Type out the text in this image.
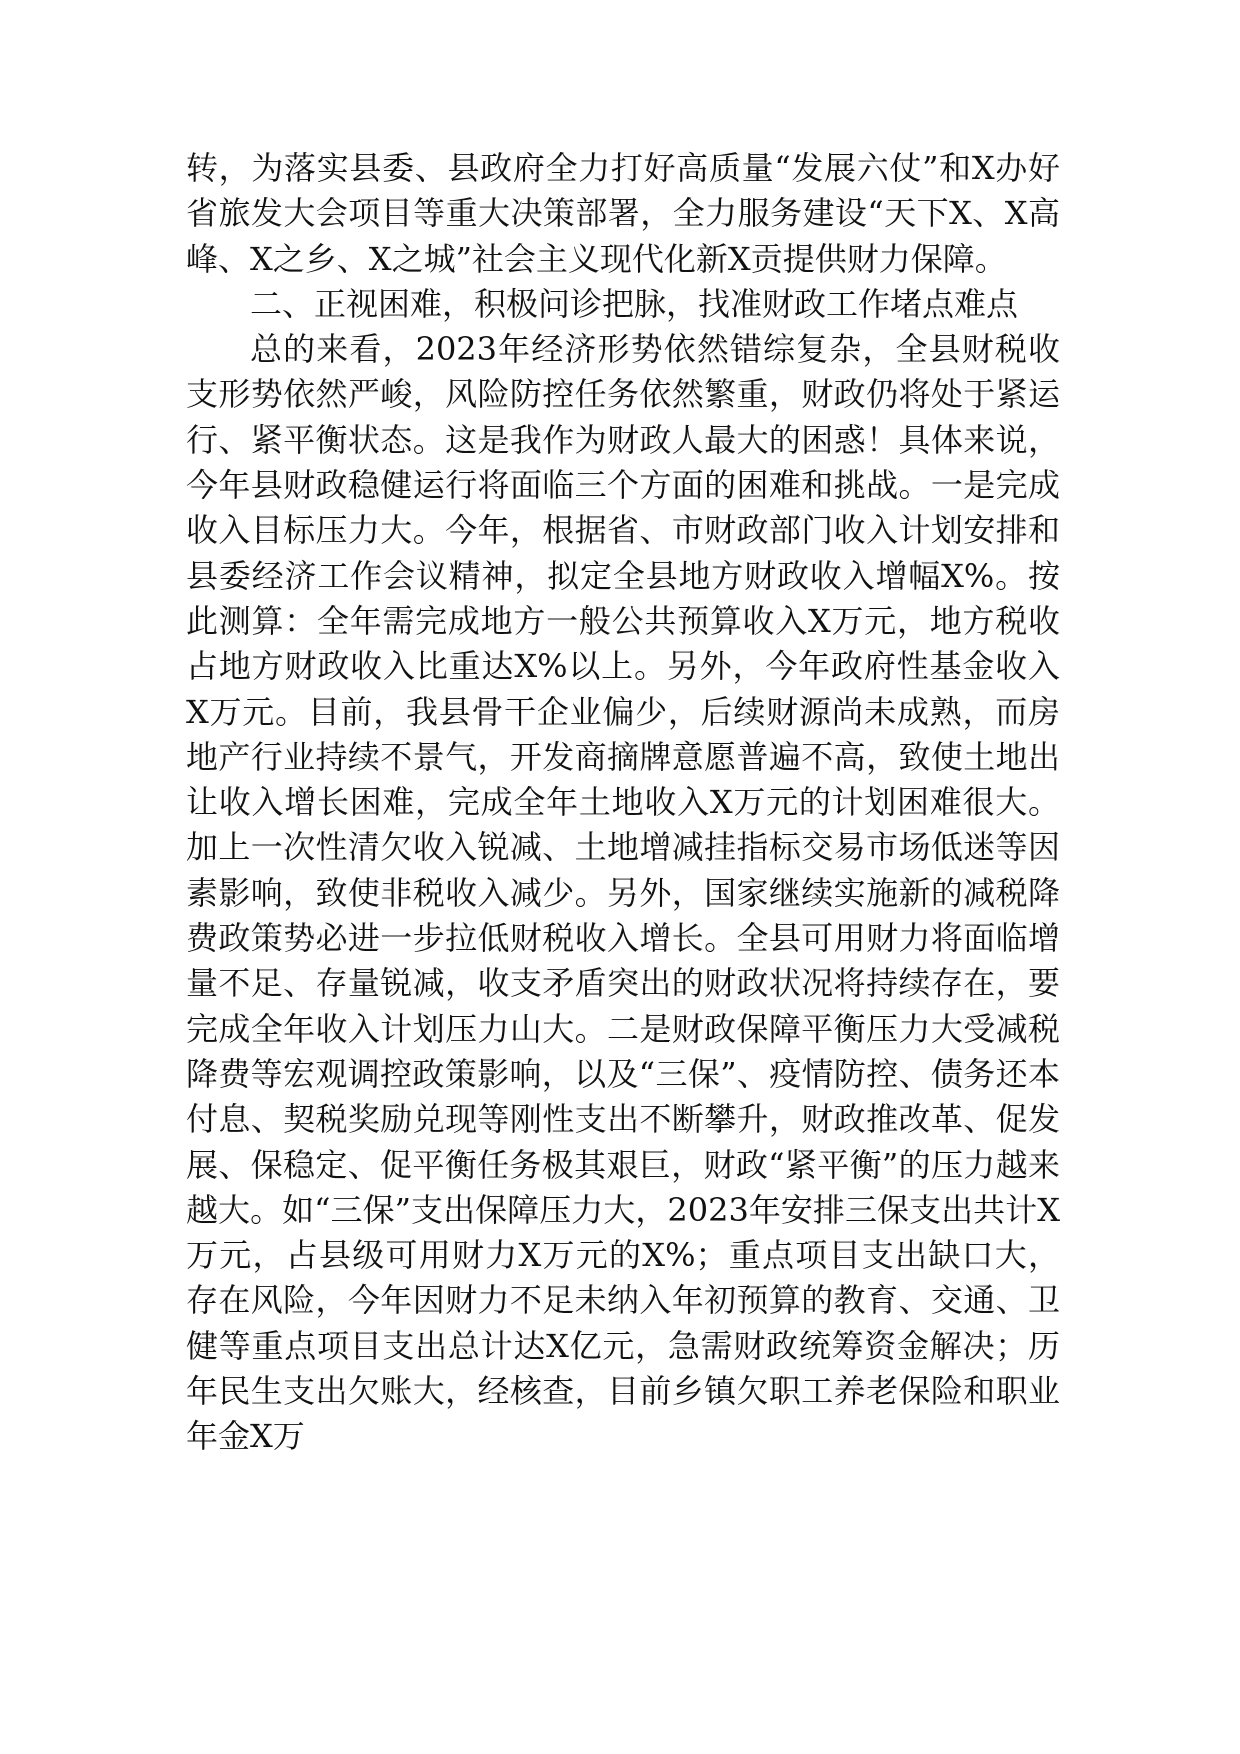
转，为落实县委、县政府全力打好高质量“发展六仗”和X办好省旅发大会项目等重大决策部署，全力服务建设“天下X、X高峰、X之乡、X之城”社会主义现代化新X贡提供财力保障。

二、正视困难，积极问诊把脉，找准财政工作堵点难点

总的来看，2023年经济形势依然错综复杂，全县财税收支形势依然严峻，风险防控任务依然繁重，财政仍将处于紧运行、紧平衡状态。这是我作为财政人最大的困惑！具体来说，今年县财政稳健运行将面临三个方面的困难和挑战。一是完成收入目标压力大。今年，根据省、市财政部门收入计划安排和县委经济工作会议精神，拟定全县地方财政收入增幅X%。按此测算：全年需完成地方一般公共预算收入X万元，地方税收占地方财政收入比重达X%以上。另外，今年政府性基金收入X万元。目前，我县骨干企业偏少，后续财源尚未成熟，而房地产行业持续不景气，开发商摘牌意愿普遍不高，致使土地出让收入增长困难，完成全年土地收入X万元的计划困难很大。加上一次性清欠收入锐减、土地增减挂指标交易市场低迷等因素影响，致使非税收入减少。另外，国家继续实施新的减税降费政策势必进一步拉低财税收入增长。全县可用财力将面临增量不足、存量锐减，收支矛盾突出的财政状况将持续存在，要完成全年收入计划压力山大。二是财政保障平衡压力大受减税降费等宏观调控政策影响，以及“三保”、疫情防控、债务还本付息、契税奖励兑现等刚性支出不断攀升，财政推改革、促发展、保稳定、促平衡任务极其艰巨，财政“紧平衡”的压力越来越大。如“三保”支出保障压力大，2023年安排三保支出共计X万元，占县级可用财力X万元的X%；重点项目支出缺口大，存在风险，今年因财力不足未纳入年初预算的教育、交通、卫健等重点项目支出总计达X亿元，急需财政统筹资金解决；历年民生支出欠账大，经核查，目前乡镇欠职工养老保险和职业年金X万
